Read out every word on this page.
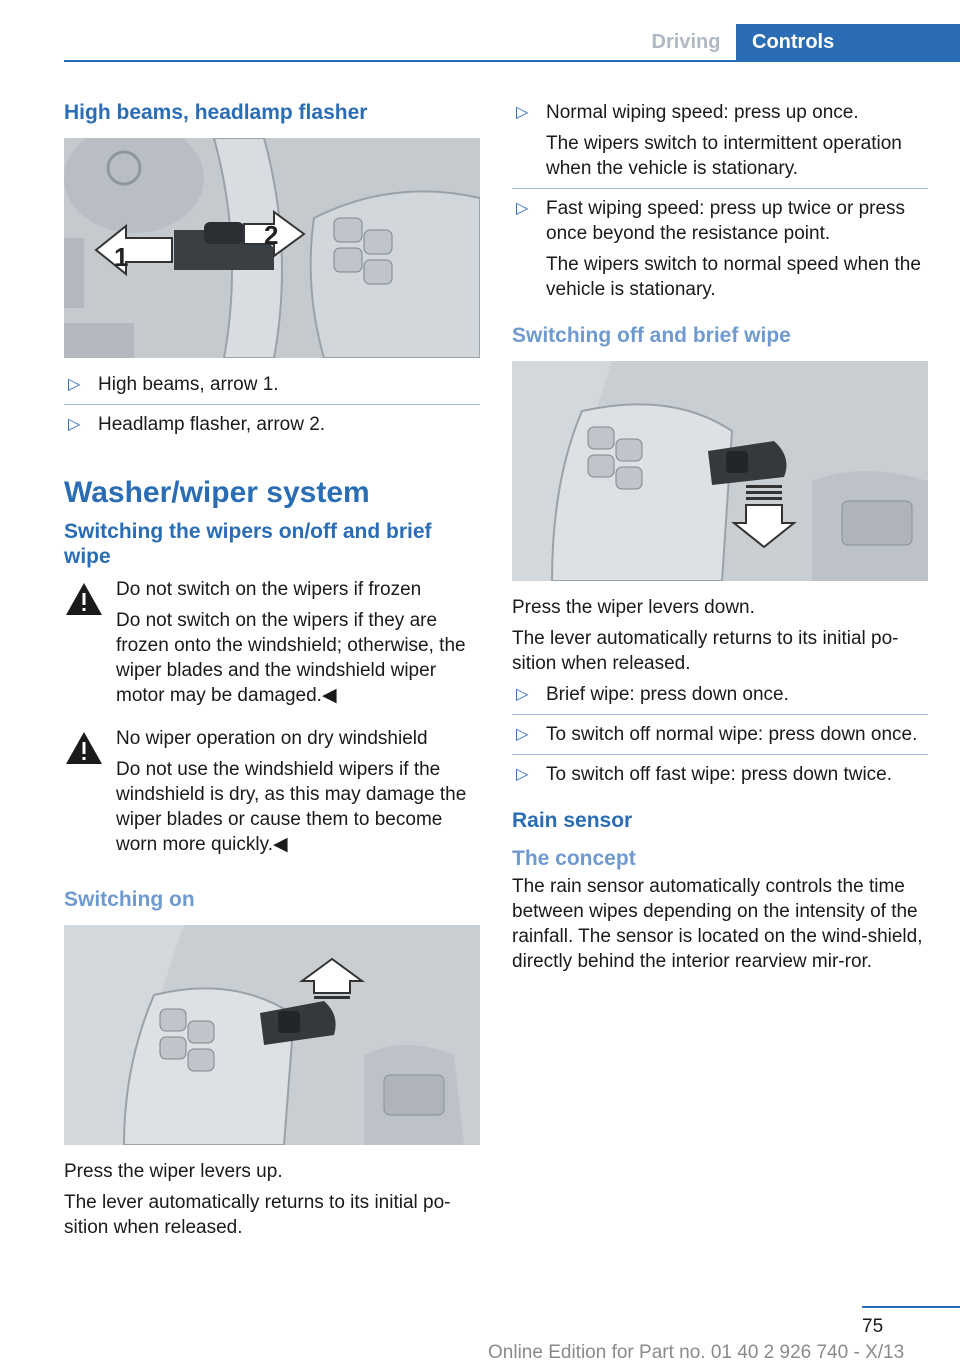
Driving	Controls
High beams, headlamp flasher
1
2
▷ High beams, arrow 1.
▷ Headlamp flasher, arrow 2.
Washer/wiper system
Switching the wipers on/off and brief wipe
Do not switch on the wipers if frozen
Do not switch on the wipers if they are frozen onto the windshield; otherwise, the wiper blades and the windshield wiper motor may be damaged.◀
No wiper operation on dry windshield
Do not use the windshield wipers if the windshield is dry, as this may damage the wiper blades or cause them to become worn more quickly.◀
Switching on

Press the wiper levers up.

The lever automatically returns to its initial po‐sition when released.

▷ Normal wiping speed: press up once.
The wipers switch to intermittent operation when the vehicle is stationary.
▷ Fast wiping speed: press up twice or press once beyond the resistance point.
The wipers switch to normal speed when the vehicle is stationary.
Switching off and brief wipe

Press the wiper levers down.

The lever automatically returns to its initial po‐sition when released.

▷ Brief wipe: press down once.
▷ To switch off normal wipe: press down once.
▷ To switch off fast wipe: press down twice.
Rain sensor
The concept

The rain sensor automatically controls the time between wipes depending on the intensity of the rainfall. The sensor is located on the wind‐shield, directly behind the interior rearview mir‐ror.

75
Online Edition for Part no. 01 40 2 926 740 - X/13
